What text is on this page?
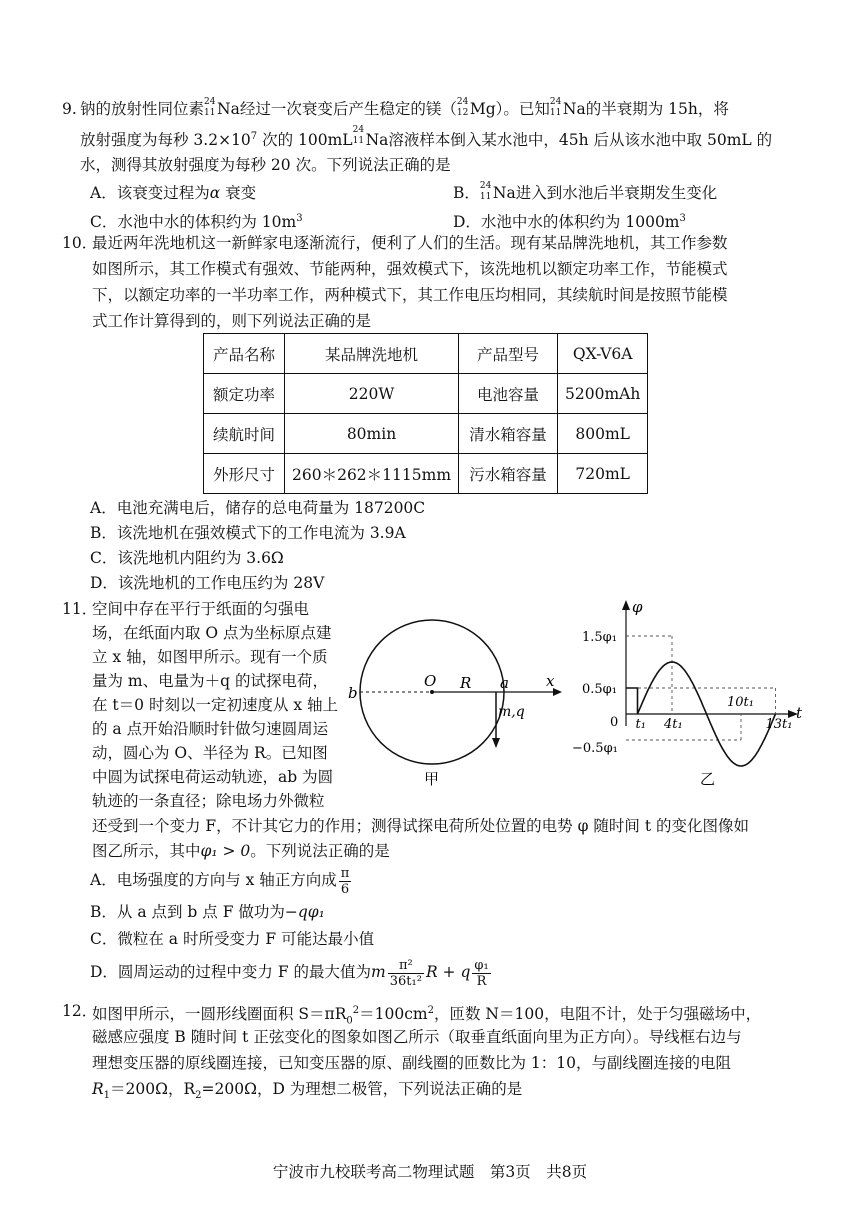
9. 钠的放射性同位素 24
11 Na经过一次衰变后产生稳定的镁（ 24
12 Mg）。已知 24
11 Na的半衰期为 15h，将
放射强度为每秒 $3.2\times 10^7$ 次的 100mL
24
11 Na溶液样本倒入某水池中，45h 后从该水池中取 50mL 的
水，测得其放射强度为每秒 20 次。下列说法正确的是
A．该衰变过程为α 衰变	B． 24
11 Na进入到水池后半衰期发生变化
C．水池中水的体积约为 $10m^3$	D．水池中水的体积约为 $1000m^3$
10．
最近两年洗地机这一新鲜家电逐渐流行，便利了人们的生活。现有某品牌洗地机，其工作参数
如图所示，其工作模式有强效、节能两种，强效模式下，该洗地机以额定功率工作，节能模式
下，以额定功率的一半功率工作，两种模式下，其工作电压均相同，其续航时间是按照节能模
式工作计算得到的，则下列说法正确的是
产品名称	某品牌洗地机	产品型号	QX-V6A
额定功率	220W	电池容量	5200mAh
续航时间	80min	清水箱容量	800mL
外形尺寸	260＊262＊1115mm	污水箱容量	720mL
A．电池充满电后，储存的总电荷量为 187200C
B．该洗地机在强效模式下的工作电流为 3.9A
C．该洗地机内阻约为 3.6Ω
D．该洗地机的工作电压约为 28V
11．
空间中存在平行于纸面的匀强电
场，在纸面内取 O 点为坐标原点建
立 x 轴，如图甲所示。现有一个质
量为 m、电量为＋q 的试探电荷，
在 t＝0 时刻以一定初速度从 x 轴上
的 a 点开始沿顺时针做匀速圆周运
动，圆心为 O、半径为 R。已知图
中圆为试探电荷运动轨迹，ab 为圆
轨迹的一条直径；除电场力外微粒
O R a x
b
m,q
甲
φ
t
0
1.5φ₁
0.5φ₁
−0.5φ₁
t₁ 4t₁
10t₁
13t₁
乙
还受到一个变力 F，不计其它力的作用；测得试探电荷所处位置的电势 φ 随时间 t 的变化图像如
图乙所示，其中φ₁ > 0。下列说法正确的是
A．电场强度的方向与 x 轴正方向成 $\frac{\pi}{6}$
B．从 a 点到 b 点 F 做功为−qφ₁
C．微粒在 a 时所受变力 F 可能达最小值
D．圆周运动的过程中变力 F 的最大值为m $\frac{\text{π²}}{\text{36t₁²}}$ R + q $\frac{\text{φ₁}}{R}$
12．
如图甲所示，一圆形线圈面积 $S=\pi R_0^2=100cm^2$，匝数 N＝100，电阻不计，处于匀强磁场中，
磁感应强度 B 随时间 t 正弦变化的图象如图乙所示（取垂直纸面向里为正方向）。导线框右边与
理想变压器的原线圈连接，已知变压器的原、副线圈的匝数比为 1：10，与副线圈连接的电阻
$R_1=200\Omega$，$R_2=200\Omega$，D 为理想二极管，下列说法正确的是
宁波市九校联考高二物理试题　第3页　共8页
